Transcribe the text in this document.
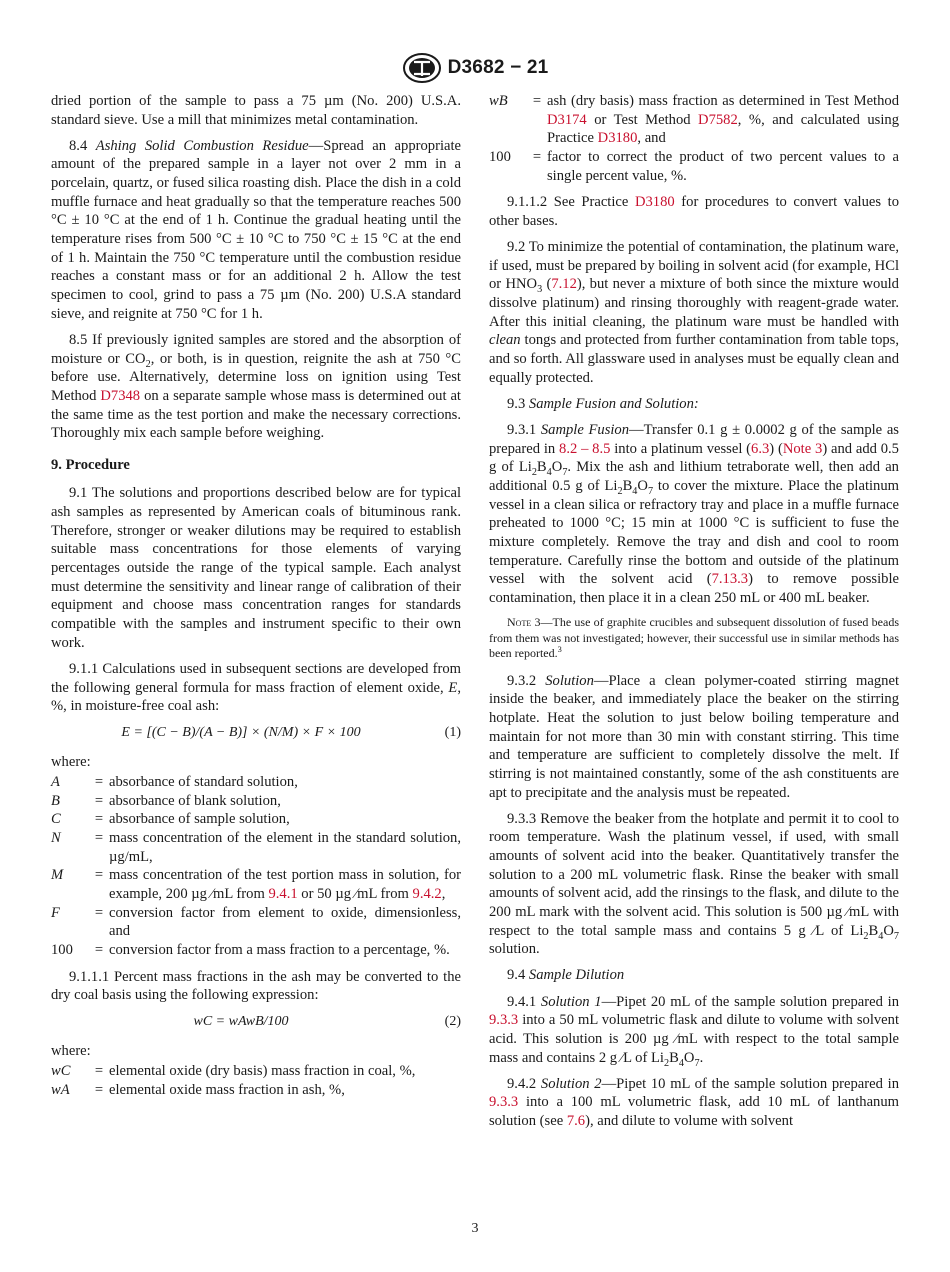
D3682 − 21

dried portion of the sample to pass a 75 µm (No. 200) U.S.A. standard sieve. Use a mill that minimizes metal contamination.

8.4 Ashing Solid Combustion Residue—Spread an appropriate amount of the prepared sample in a layer not over 2 mm in a porcelain, quartz, or fused silica roasting dish. Place the dish in a cold muffle furnace and heat gradually so that the temperature reaches 500 °C ± 10 °C at the end of 1 h. Continue the gradual heating until the temperature rises from 500 °C ± 10 °C to 750 °C ± 15 °C at the end of 1 h. Maintain the 750 °C temperature until the combustion residue reaches a constant mass or for an additional 2 h. Allow the test specimen to cool, grind to pass a 75 µm (No. 200) U.S.A standard sieve, and reignite at 750 °C for 1 h.

8.5 If previously ignited samples are stored and the absorption of moisture or $CO_2$, or both, is in question, reignite the ash at 750 °C before use. Alternatively, determine loss on ignition using Test Method D7348 on a separate sample whose mass is determined out at the same time as the test portion and make the necessary corrections. Thoroughly mix each sample before weighing.

9. Procedure

9.1 The solutions and proportions described below are for typical ash samples as represented by American coals of bituminous rank. Therefore, stronger or weaker dilutions may be required to establish suitable mass concentrations for those elements of varying percentages outside the range of the typical sample. Each analyst must determine the sensitivity and linear range of calibration of their equipment and choose mass concentration ranges for standards compatible with the samples and instrument specific to their own work.

9.1.1 Calculations used in subsequent sections are developed from the following general formula for mass fraction of element oxide, E, %, in moisture-free coal ash:

E = [(C − B)/(A − B)] × (N/M) × F × 100	(1)

where:

A	= absorbance of standard solution,
B	= absorbance of blank solution,
C	= absorbance of sample solution,
N	= mass concentration of the element in the standard solution, µg/mL,
M	= mass concentration of the test portion mass in solution, for example, 200 µg ⁄mL from 9.4.1 or 50 µg ⁄mL from 9.4.2,
F	= conversion factor from element to oxide, dimensionless, and
100	= conversion factor from a mass fraction to a percentage, %.

9.1.1.1 Percent mass fractions in the ash may be converted to the dry coal basis using the following expression:

wC = wAwB/100	(2)

where:

wC	= elemental oxide (dry basis) mass fraction in coal, %,
wA	= elemental oxide mass fraction in ash, %,
wB	= ash (dry basis) mass fraction as determined in Test Method D3174 or Test Method D7582, %, and calculated using Practice D3180, and
100	= factor to correct the product of two percent values to a single percent value, %.

9.1.1.2 See Practice D3180 for procedures to convert values to other bases.

9.2 To minimize the potential of contamination, the platinum ware, if used, must be prepared by boiling in solvent acid (for example, HCl or $HNO_3$ (7.12), but never a mixture of both since the mixture would dissolve platinum) and rinsing thoroughly with reagent-grade water. After this initial cleaning, the platinum ware must be handled with clean tongs and protected from further contamination from table tops, and so forth. All glassware used in analyses must be equally clean and equally protected.

9.3 Sample Fusion and Solution:

9.3.1 Sample Fusion—Transfer 0.1 g ± 0.0002 g of the sample as prepared in 8.2 – 8.5 into a platinum vessel (6.3) (Note 3) and add 0.5 g of $Li_2B_4O_7$. Mix the ash and lithium tetraborate well, then add an additional 0.5 g of $Li_2B_4O_7$ to cover the mixture. Place the platinum vessel in a clean silica or refractory tray and place in a muffle furnace preheated to 1000 °C; 15 min at 1000 °C is sufficient to fuse the mixture completely. Remove the tray and dish and cool to room temperature. Carefully rinse the bottom and outside of the platinum vessel with the solvent acid (7.13.3) to remove possible contamination, then place it in a clean 250 mL or 400 mL beaker.

Note 3—The use of graphite crucibles and subsequent dissolution of fused beads from them was not investigated; however, their successful use in similar methods has been reported.$^3$

9.3.2 Solution—Place a clean polymer-coated stirring magnet inside the beaker, and immediately place the beaker on the stirring hotplate. Heat the solution to just below boiling temperature and maintain for not more than 30 min with constant stirring. This time and temperature are sufficient to completely dissolve the melt. If stirring is not maintained constantly, some of the ash constituents are apt to precipitate and the analysis must be repeated.

9.3.3 Remove the beaker from the hotplate and permit it to cool to room temperature. Wash the platinum vessel, if used, with small amounts of solvent acid into the beaker. Quantitatively transfer the solution to a 200 mL volumetric flask. Rinse the beaker with small amounts of solvent acid, add the rinsings to the flask, and dilute to the 200 mL mark with the solvent acid. This solution is 500 µg ⁄mL with respect to the total sample mass and contains 5 g ⁄L of $Li_2B_4O_7$ solution.

9.4 Sample Dilution

9.4.1 Solution 1—Pipet 20 mL of the sample solution prepared in 9.3.3 into a 50 mL volumetric flask and dilute to volume with solvent acid. This solution is 200 µg ⁄mL with respect to the total sample mass and contains 2 g ⁄L of $Li_2B_4O_7$.

9.4.2 Solution 2—Pipet 10 mL of the sample solution prepared in 9.3.3 into a 100 mL volumetric flask, add 10 mL of lanthanum solution (see 7.6), and dilute to volume with solvent

3
